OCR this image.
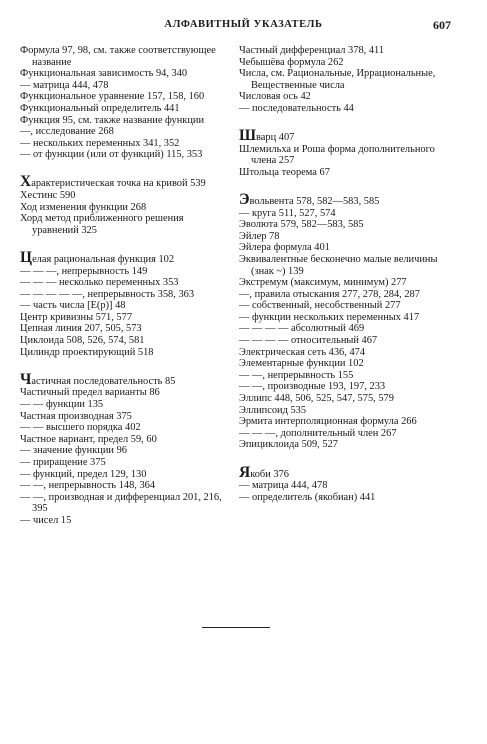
АЛФАВИТНЫЙ УКАЗАТЕЛЬ	607

Формула 97, 98, см. также соответствующее название

Функциональная зависимость 94, 340

— матрица 444, 478

Функциональное уравнение 157, 158, 160

Функциональный определитель 441

Функция 95, см. также название функции

—, исследование 268

— нескольких переменных 341, 352

— от функции (или от функций) 115, 353

Характеристическая точка на кривой 539

Хестинс 590

Ход изменения функции 268

Хорд метод приближенного решения уравнений 325

Целая рациональная функция 102

— — —, непрерывность 149

— — — несколько переменных 353

— — — — —, непрерывность 358, 363

— часть числа [E(p)] 48

Центр кривизны 571, 577

Цепная линия 207, 505, 573

Циклоида 508, 526, 574, 581

Цилиндр проектирующий 518

Частичная последовательность 85

Частичный предел варианты 86

— — функции 135

Частная производная 375

— — высшего порядка 402

Частное вариант, предел 59, 60

— значение функции 96

— приращение 375

— функций, предел 129, 130

— —, непрерывность 148, 364

— —, производная и дифференциал 201, 216, 395

— чисел 15

Частный дифференциал 378, 411

Чебышёва формула 262

Числа, см. Рациональные, Иррациональные, Вещественные числа

Числовая ось 42

— последовательность 44

Шварц 407

Шлемильха и Роша форма дополнительного члена 257

Штольца теорема 67

Эвольвента 578, 582—583, 585

— круга 511, 527, 574

Эволюта 579, 582—583, 585

Эйлер 78

Эйлера формула 401

Эквивалентные бесконечно малые величины (знак ~) 139

Экстремум (максимум, минимум) 277

—, правила отыскания 277, 278, 284, 287

— собственный, несобственный 277

— функции нескольких переменных 417

— — — — абсолютный 469

— — — — относительный 467

Электрическая сеть 436, 474

Элементарные функции 102

— —, непрерывность 155

— —, производные 193, 197, 233

Эллипс 448, 506, 525, 547, 575, 579

Эллипсоид 535

Эрмита интерполяционная формула 266

— — —, дополнительный член 267

Эпициклоида 509, 527

Якоби 376

— матрица 444, 478

— определитель (якобиан) 441
